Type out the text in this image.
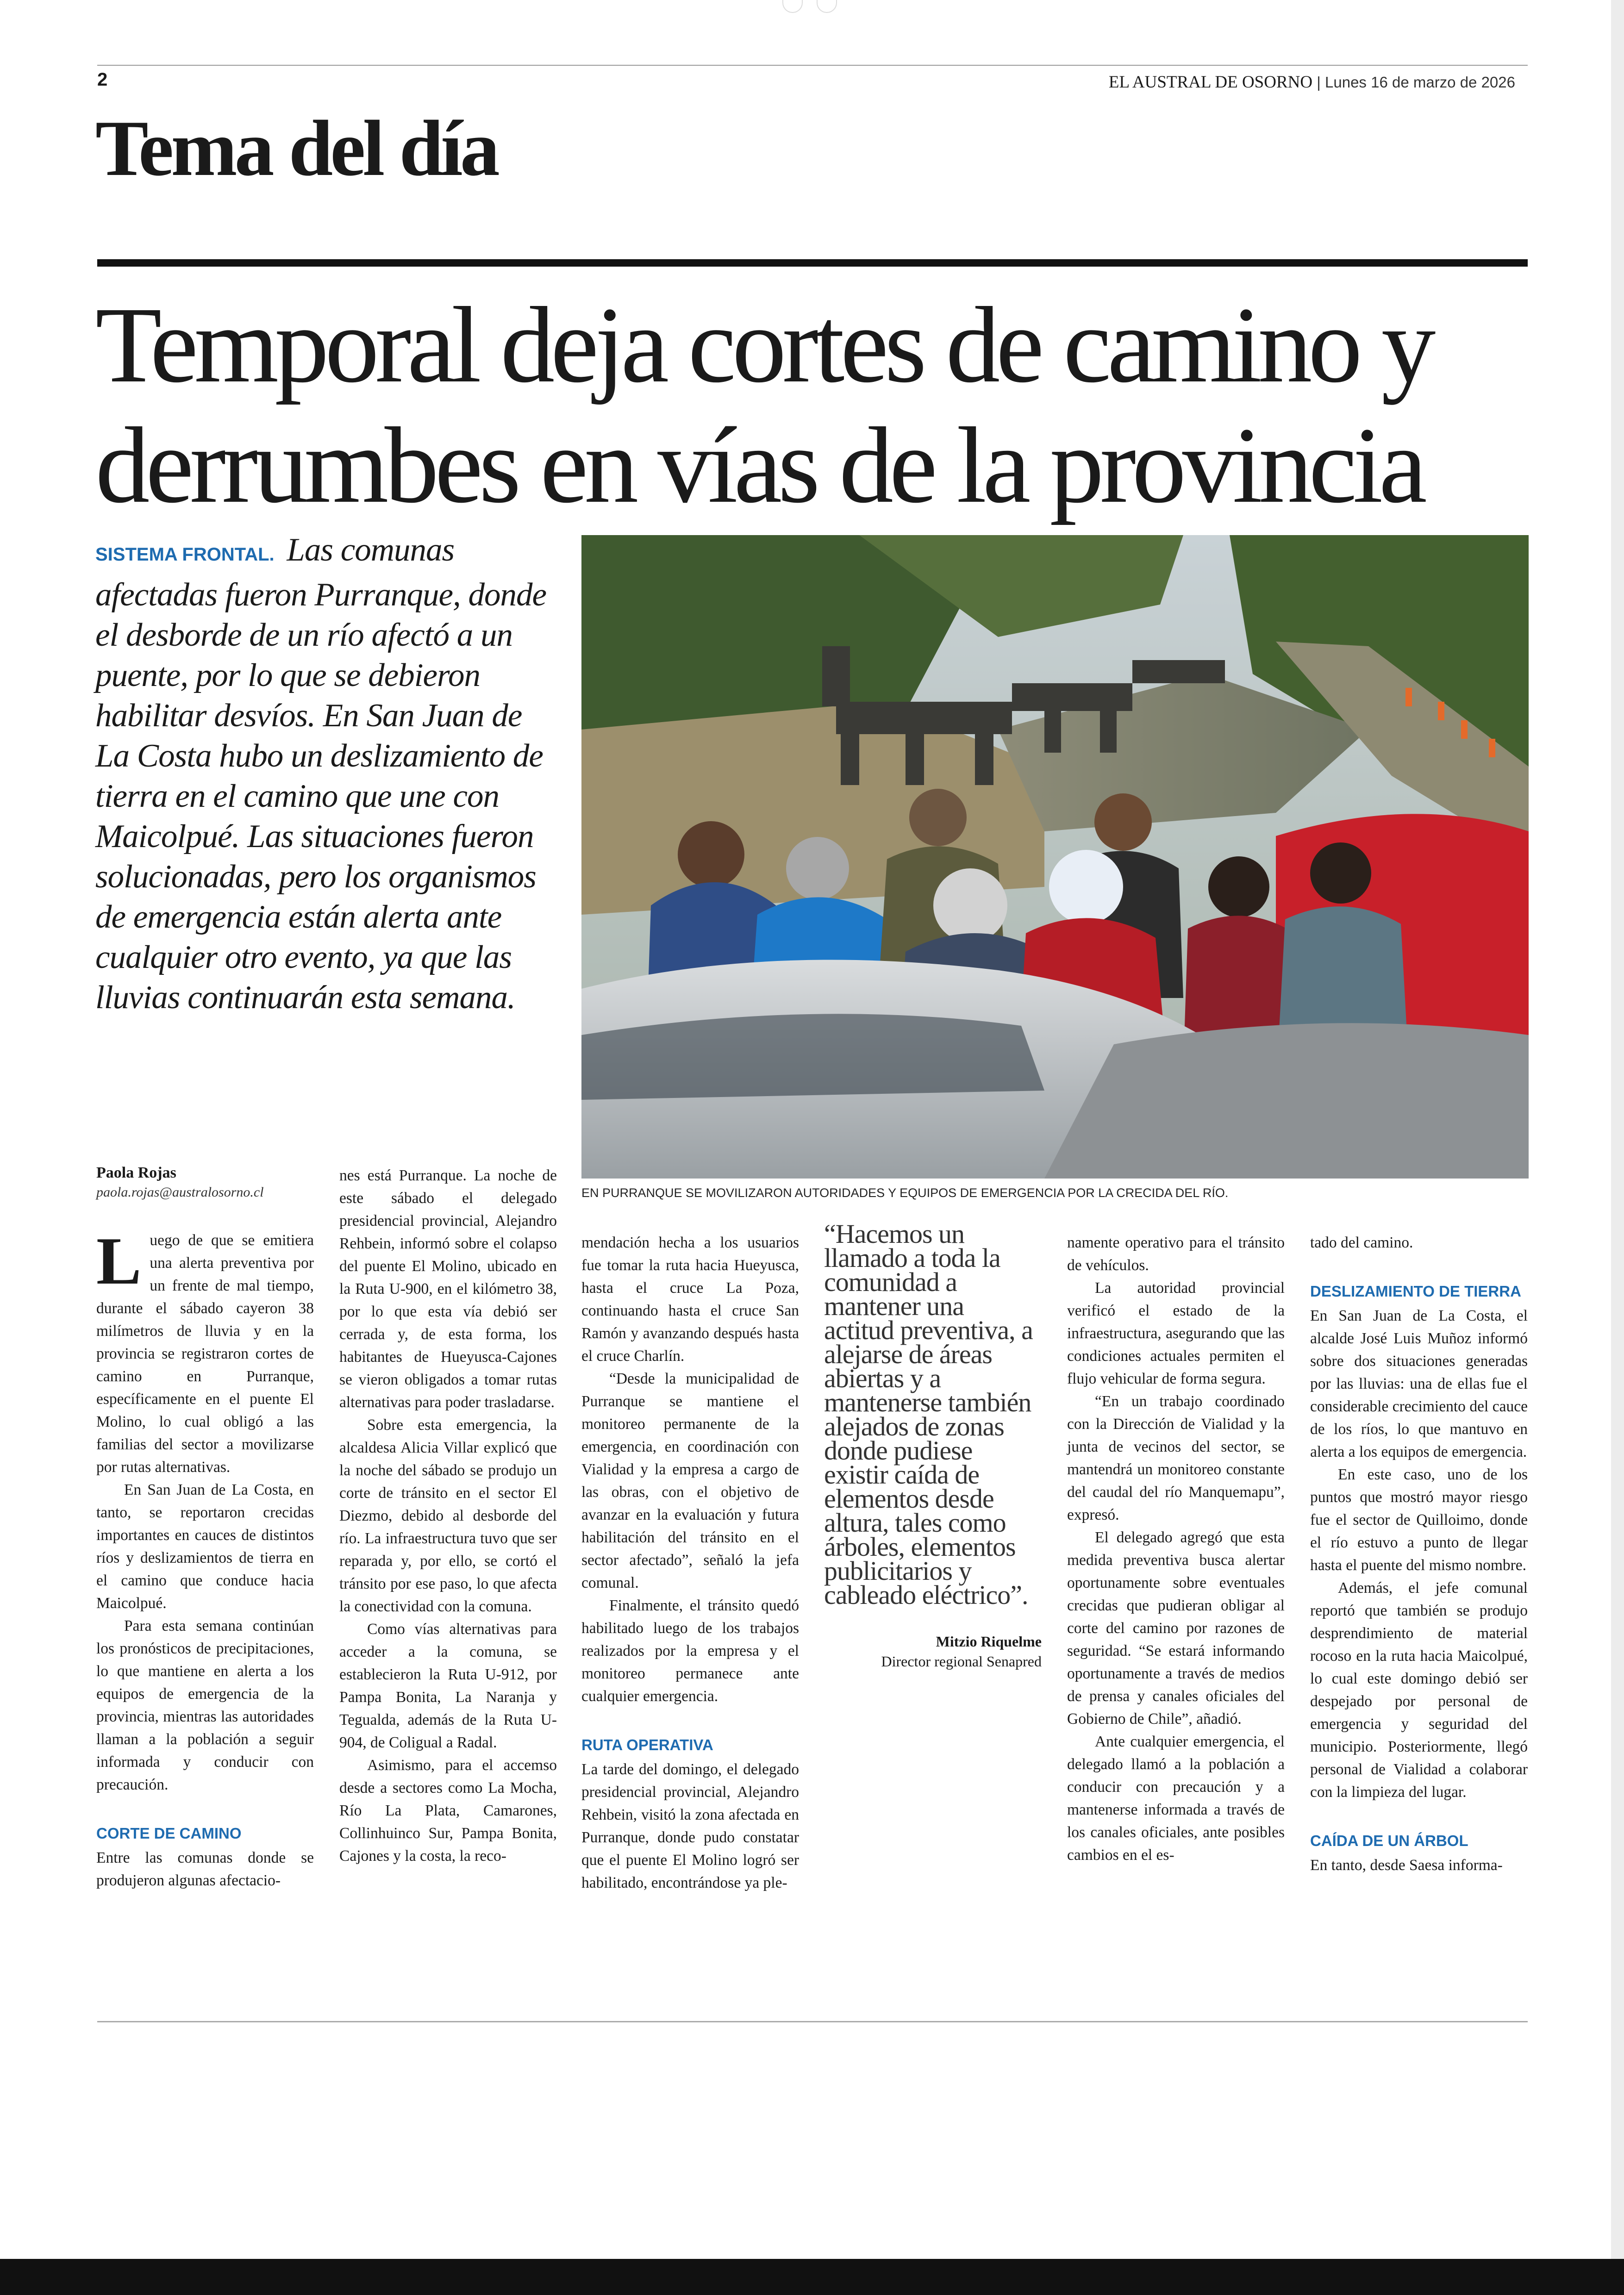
2	EL AUSTRAL DE OSORNO | Lunes 16 de marzo de 2026
Tema del día
Temporal deja cortes de camino y derrumbes en vías de la provincia
SISTEMA FRONTAL. Las comunas afectadas fueron Purranque, donde el desborde de un río afectó a un puente, por lo que se debieron habilitar desvíos. En San Juan de La Costa hubo un deslizamiento de tierra en el camino que une con Maicolpué. Las situaciones fueron solucionadas, pero los organismos de emergencia están alerta ante cualquier otro evento, ya que las lluvias continuarán esta semana.
EN PURRANQUE SE MOVILIZARON AUTORIDADES Y EQUIPOS DE EMERGENCIA POR LA CRECIDA DEL RÍO.
Paola Rojas
paola.rojas@australosorno.cl

Luego de que se emitiera una alerta preventiva por un frente de mal tiempo, durante el sábado cayeron 38 milímetros de lluvia y en la provincia se registraron cortes de camino en Purranque, específicamente en el puente El Molino, lo cual obligó a las familias del sector a movilizarse por rutas alternativas.

En San Juan de La Costa, en tanto, se reportaron crecidas importantes en cauces de distintos ríos y deslizamientos de tierra en el camino que conduce hacia Maicolpué.

Para esta semana continúan los pronósticos de precipitaciones, lo que mantiene en alerta a los equipos de emergencia de la provincia, mientras las autoridades llaman a la población a seguir informada y conducir con precaución.

CORTE DE CAMINO

Entre las comunas donde se produjeron algunas afectacio-

nes está Purranque. La noche de este sábado el delegado presidencial provincial, Alejandro Rehbein, informó sobre el colapso del puente El Molino, ubicado en la Ruta U-900, en el kilómetro 38, por lo que esta vía debió ser cerrada y, de esta forma, los habitantes de Hueyusca-Cajones se vieron obligados a tomar rutas alternativas para poder trasladarse.

Sobre esta emergencia, la alcaldesa Alicia Villar explicó que la noche del sábado se produjo un corte de tránsito en el sector El Diezmo, debido al desborde del río. La infraestructura tuvo que ser reparada y, por ello, se cortó el tránsito por ese paso, lo que afecta la conectividad con la comuna.

Como vías alternativas para acceder a la comuna, se establecieron la Ruta U-912, por Pampa Bonita, La Naranja y Tegualda, además de la Ruta U-904, de Coligual a Radal.

Asimismo, para el accemso desde a sectores como La Mocha, Río La Plata, Camarones, Collinhuinco Sur, Pampa Bonita, Cajones y la costa, la reco-

mendación hecha a los usuarios fue tomar la ruta hacia Hueyusca, hasta el cruce La Poza, continuando hasta el cruce San Ramón y avanzando después hasta el cruce Charlín.

“Desde la municipalidad de Purranque se mantiene el monitoreo permanente de la emergencia, en coordinación con Vialidad y la empresa a cargo de las obras, con el objetivo de avanzar en la evaluación y futura habilitación del tránsito en el sector afectado”, señaló la jefa comunal.

Finalmente, el tránsito quedó habilitado luego de los trabajos realizados por la empresa y el monitoreo permanece ante cualquier emergencia.

RUTA OPERATIVA

La tarde del domingo, el delegado presidencial provincial, Alejandro Rehbein, visitó la zona afectada en Purranque, donde pudo constatar que el puente El Molino logró ser habilitado, encontrándose ya ple-

“Hacemos un llamado a toda la comunidad a mantener una actitud preventiva, a alejarse de áreas abiertas y a mantenerse también alejados de zonas donde pudiese existir caída de elementos desde altura, tales como árboles, elementos publicitarios y cableado eléctrico”.
Mitzio Riquelme
Director regional Senapred

namente operativo para el tránsito de vehículos.

La autoridad provincial verificó el estado de la infraestructura, asegurando que las condiciones actuales permiten el flujo vehicular de forma segura.

“En un trabajo coordinado con la Dirección de Vialidad y la junta de vecinos del sector, se mantendrá un monitoreo constante del caudal del río Manquemapu”, expresó.

El delegado agregó que esta medida preventiva busca alertar oportunamente sobre eventuales crecidas que pudieran obligar al corte del camino por razones de seguridad. “Se estará informando oportunamente a través de medios de prensa y canales oficiales del Gobierno de Chile”, añadió.

Ante cualquier emergencia, el delegado llamó a la población a conducir con precaución y a mantenerse informada a través de los canales oficiales, ante posibles cambios en el es-

tado del camino.

DESLIZAMIENTO DE TIERRA

En San Juan de La Costa, el alcalde José Luis Muñoz informó sobre dos situaciones generadas por las lluvias: una de ellas fue el considerable crecimiento del cauce de los ríos, lo que mantuvo en alerta a los equipos de emergencia.

En este caso, uno de los puntos que mostró mayor riesgo fue el sector de Quilloimo, donde el río estuvo a punto de llegar hasta el puente del mismo nombre.

Además, el jefe comunal reportó que también se produjo desprendimiento de material rocoso en la ruta hacia Maicolpué, lo cual este domingo debió ser despejado por personal de emergencia y seguridad del municipio. Posteriormente, llegó personal de Vialidad a colaborar con la limpieza del lugar.

CAÍDA DE UN ÁRBOL

En tanto, desde Saesa informa-
